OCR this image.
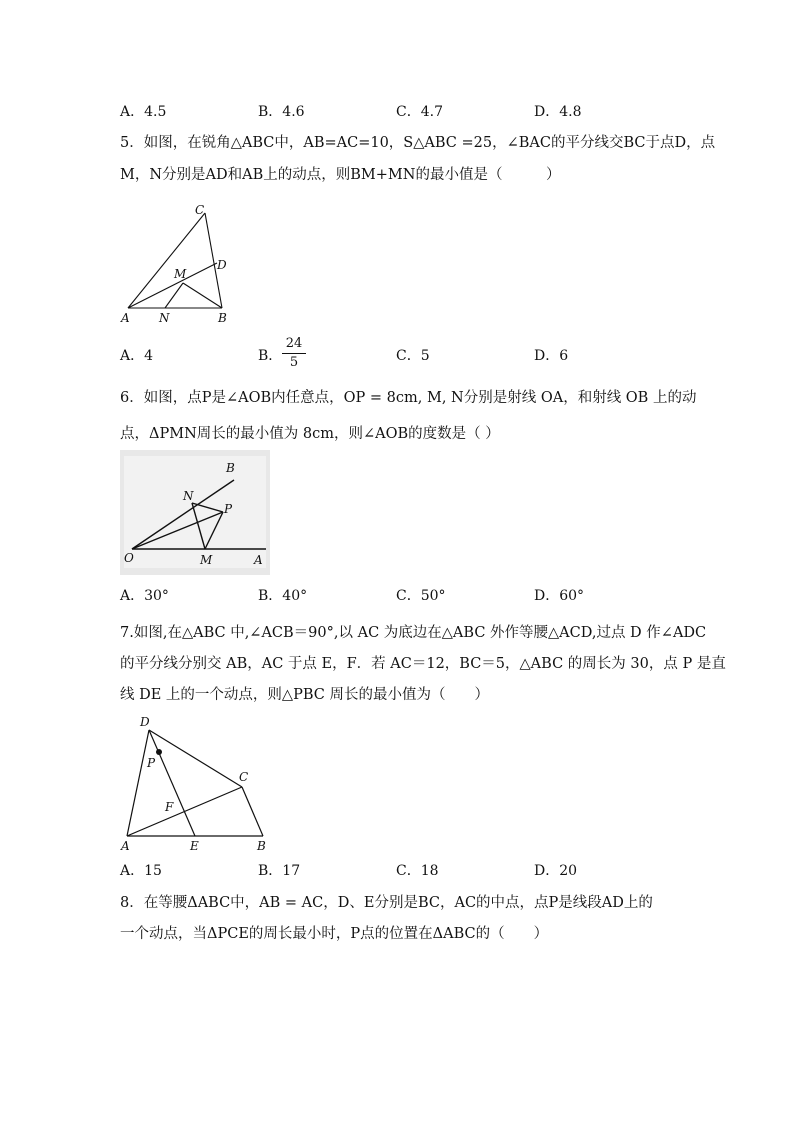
A．4.5	B．4.6	C．4.7	D．4.8
5．如图，在锐角△ABC中，AB=AC=10，S△ABC =25，∠BAC的平分线交BC于点D，点
M，N分别是AD和AB上的动点，则BM+MN的最小值是（　　　）
C
D
M
A N	B
A．4	B．
24
5	C．5	D．6
6．如图，点P是∠AOB内任意点，OP = 8cm, M, N分别是射线 OA，和射线 OB 上的动
点，ΔPMN周长的最小值为 8cm，则∠AOB的度数是（ ）
O	M	A
B
N
P
A．30°	B．40°	C．50°	D．60°
7.如图,在△ABC 中,∠ACB＝90°,以 AC 为底边在△ABC 外作等腰△ACD,过点 D 作∠ADC
的平分线分别交 AB，AC 于点 E，F．若 AC＝12，BC＝5，△ABC 的周长为 30，点 P 是直
线 DE 上的一个动点，则△PBC 周长的最小值为（　　）
D
P
C
F
A	E	B
A．15	B．17	C．18	D．20
8．在等腰ΔABC中，AB = AC，D、E分别是BC，AC的中点，点P是线段AD上的
一个动点，当ΔPCE的周长最小时，P点的位置在ΔABC的（　　）
